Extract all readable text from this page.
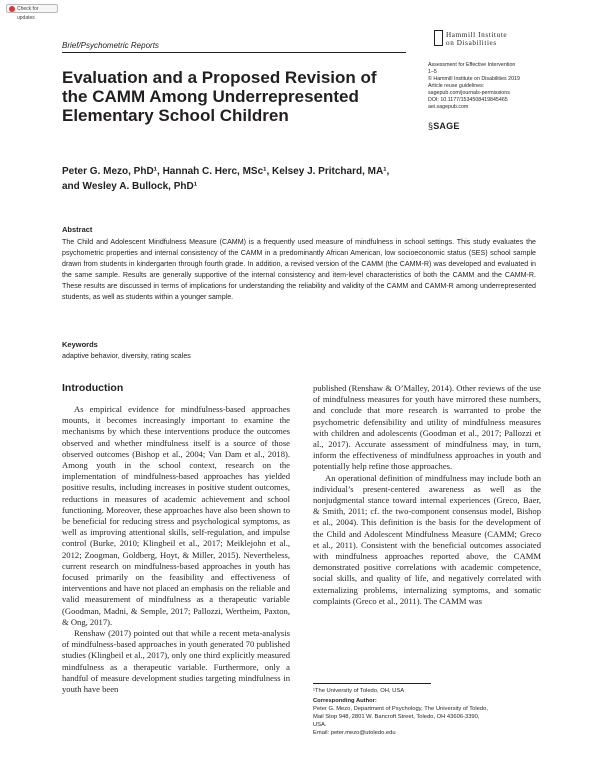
Check for updates
Brief/Psychometric Reports
Hammill Institute
on Disabilities
Assessment for Effective Intervention
1–5
© Hammill Institute on Disabilities 2019
Article reuse guidelines:
sagepub.com/journals-permissions
DOI: 10.1177/1534508419845465
aei.sagepub.com
§SAGE
Evaluation and a Proposed Revision of the CAMM Among Underrepresented Elementary School Children
Peter G. Mezo, PhD¹, Hannah C. Herc, MSc¹, Kelsey J. Pritchard, MA¹,
and Wesley A. Bullock, PhD¹
Abstract
The Child and Adolescent Mindfulness Measure (CAMM) is a frequently used measure of mindfulness in school settings. This study evaluates the psychometric properties and internal consistency of the CAMM in a predominantly African American, low socioeconomic status (SES) school sample drawn from students in kindergarten through fourth grade. In addition, a revised version of the CAMM (the CAMM-R) was developed and evaluated in the same sample. Results are generally supportive of the internal consistency and item-level characteristics of both the CAMM and the CAMM-R. These results are discussed in terms of implications for understanding the reliability and validity of the CAMM and CAMM-R among underrepresented students, as well as students within a younger sample.
Keywords
adaptive behavior, diversity, rating scales
Introduction

As empirical evidence for mindfulness-based approaches mounts, it becomes increasingly important to examine the mechanisms by which these interventions produce the outcomes observed and whether mindfulness itself is a source of those observed outcomes (Bishop et al., 2004; Van Dam et al., 2018). Among youth in the school context, research on the implementation of mindfulness-based approaches has yielded positive results, including increases in positive student outcomes, reductions in measures of academic achievement and school functioning. Moreover, these approaches have also been shown to be beneficial for reducing stress and psychological symptoms, as well as improving attentional skills, self-regulation, and impulse control (Burke, 2010; Klingbeil et al., 2017; Meiklejohn et al., 2012; Zoogman, Goldberg, Hoyt, & Miller, 2015). Nevertheless, current research on mindfulness-based approaches in youth has focused primarily on the feasibility and effectiveness of interventions and have not placed an emphasis on the reliable and valid measurement of mindfulness as a therapeutic variable (Goodman, Madni, & Semple, 2017; Pallozzi, Wertheim, Paxton, & Ong, 2017).

Renshaw (2017) pointed out that while a recent meta-analysis of mindfulness-based approaches in youth generated 70 published studies (Klingbeil et al., 2017), only one third explicitly measured mindfulness as a therapeutic variable. Furthermore, only a handful of measure development studies targeting mindfulness in youth have been

published (Renshaw & O’Malley, 2014). Other reviews of the use of mindfulness measures for youth have mirrored these numbers, and conclude that more research is warranted to probe the psychometric defensibility and utility of mindfulness measures with children and adolescents (Goodman et al., 2017; Pallozzi et al., 2017). Accurate assessment of mindfulness may, in turn, inform the effectiveness of mindfulness approaches in youth and potentially help refine those approaches.

An operational definition of mindfulness may include both an individual’s present-centered awareness as well as the nonjudgmental stance toward internal experiences (Greco, Baer, & Smith, 2011; cf. the two-component consensus model, Bishop et al., 2004). This definition is the basis for the development of the Child and Adolescent Mindfulness Measure (CAMM; Greco et al., 2011). Consistent with the beneficial outcomes associated with mindfulness approaches reported above, the CAMM demonstrated positive correlations with academic competence, social skills, and quality of life, and negatively correlated with externalizing problems, internalizing symptoms, and somatic complaints (Greco et al., 2011). The CAMM was

¹The University of Toledo, OH, USA
Corresponding Author:
Peter G. Mezo, Department of Psychology, The University of Toledo,
Mail Stop 948, 2801 W. Bancroft Street, Toledo, OH 43606-3390,
USA.
Email: peter.mezo@utoledo.edu
